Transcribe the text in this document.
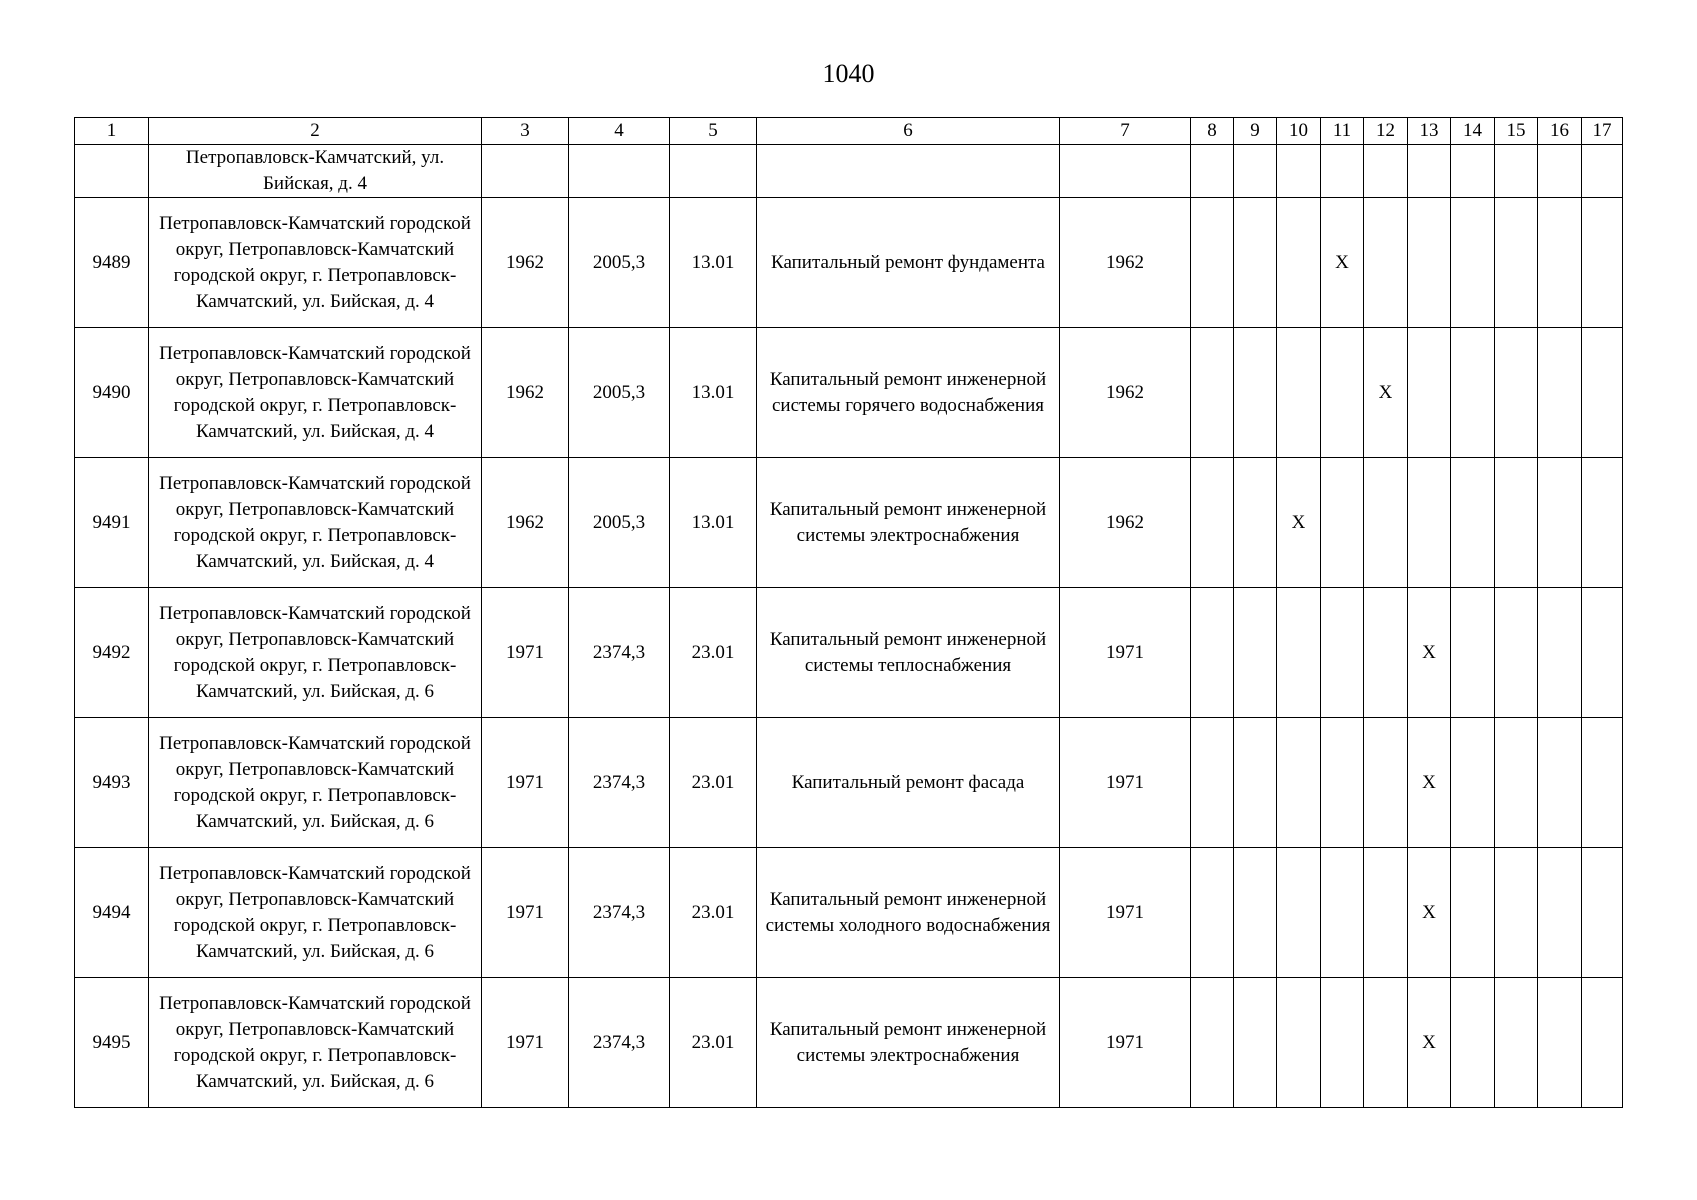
1040
1	2	3	4	5	6	7	8	9	10	11	12	13	14	15	16	17
	Петропавловск-Камчатский, ул. Бийская, д. 4															
9489	Петропавловск-Камчатский городской округ, Петропавловск-Камчатский городской округ, г. Петропавловск-Камчатский, ул. Бийская, д. 4	1962	2005,3	13.01	Капитальный ремонт фундамента	1962				X						
9490	Петропавловск-Камчатский городской округ, Петропавловск-Камчатский городской округ, г. Петропавловск-Камчатский, ул. Бийская, д. 4	1962	2005,3	13.01	Капитальный ремонт инженерной системы горячего водоснабжения	1962					X					
9491	Петропавловск-Камчатский городской округ, Петропавловск-Камчатский городской округ, г. Петропавловск-Камчатский, ул. Бийская, д. 4	1962	2005,3	13.01	Капитальный ремонт инженерной системы электроснабжения	1962			X							
9492	Петропавловск-Камчатский городской округ, Петропавловск-Камчатский городской округ, г. Петропавловск-Камчатский, ул. Бийская, д. 6	1971	2374,3	23.01	Капитальный ремонт инженерной системы теплоснабжения	1971						X				
9493	Петропавловск-Камчатский городской округ, Петропавловск-Камчатский городской округ, г. Петропавловск-Камчатский, ул. Бийская, д. 6	1971	2374,3	23.01	Капитальный ремонт фасада	1971						X				
9494	Петропавловск-Камчатский городской округ, Петропавловск-Камчатский городской округ, г. Петропавловск-Камчатский, ул. Бийская, д. 6	1971	2374,3	23.01	Капитальный ремонт инженерной системы холодного водоснабжения	1971						X				
9495	Петропавловск-Камчатский городской округ, Петропавловск-Камчатский городской округ, г. Петропавловск-Камчатский, ул. Бийская, д. 6	1971	2374,3	23.01	Капитальный ремонт инженерной системы электроснабжения	1971						X				
